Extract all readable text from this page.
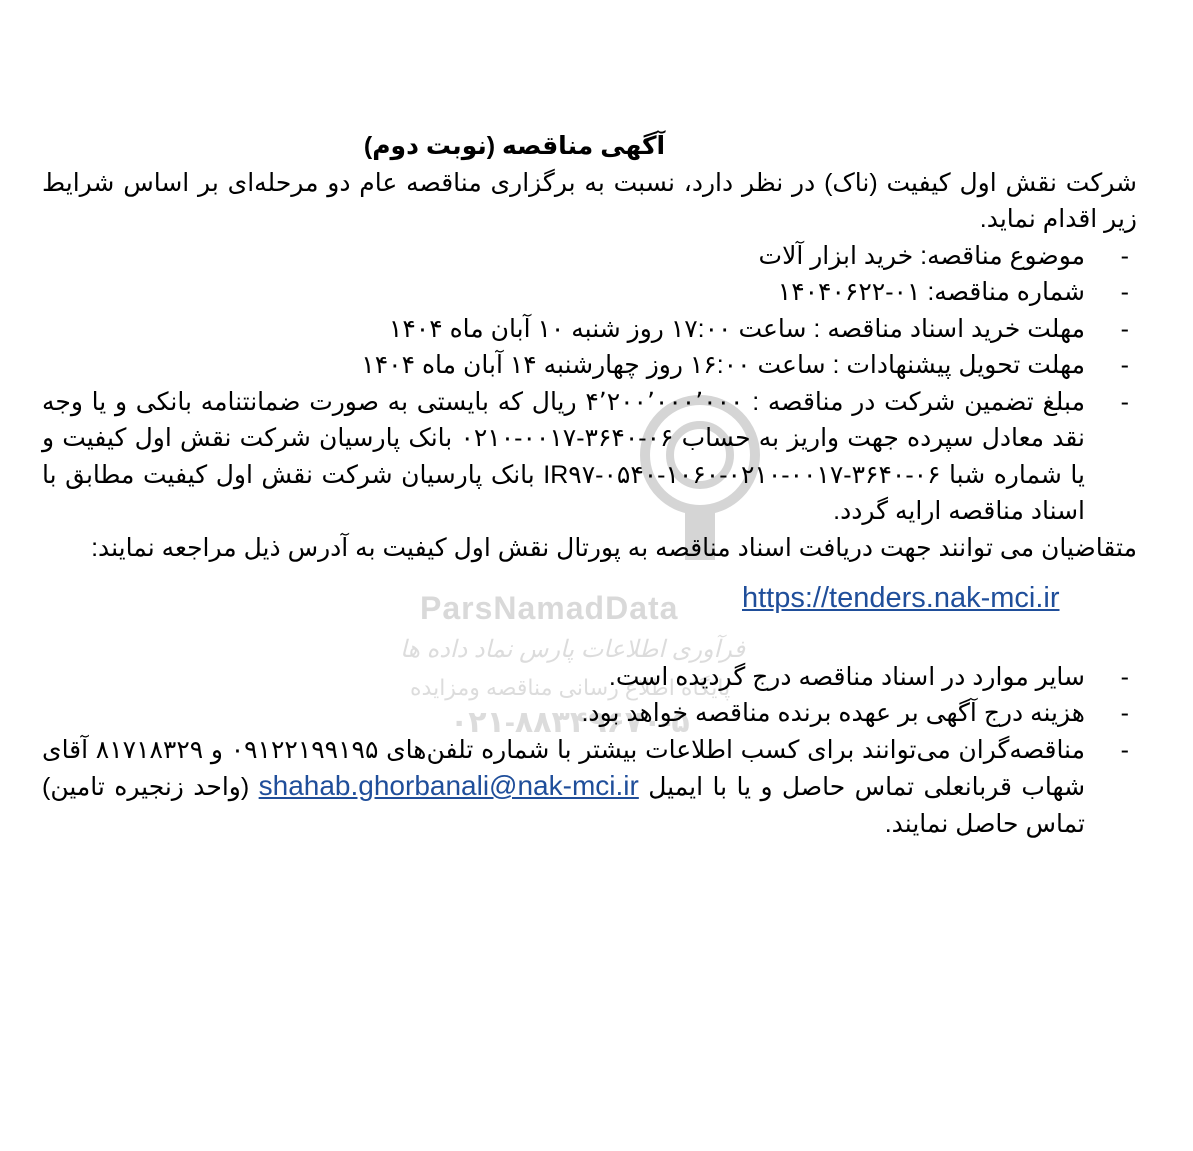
ParsNamadData
فرآوری اطلاعات پارس نماد داده ها
پایگاه اطلاع رسانی مناقصه ومزایده
۰۲۱-۸۸۳۴۹۶۷۰-۵
آگهی مناقصه (نوبت دوم)

شرکت نقش اول کیفیت (ناک) در نظر دارد، نسبت به برگزاری مناقصه عام دو مرحله‌ای بر اساس شرایط زیر اقدام نماید.

-
موضوع مناقصه: خرید ابزار آلات
-
شماره مناقصه: ۰۱-۱۴۰۴۰۶۲۲
-
مهلت خرید اسناد مناقصه : ساعت ۱۷:۰۰ روز شنبه ۱۰ آبان ماه ۱۴۰۴
-
مهلت تحویل پیشنهادات : ساعت ۱۶:۰۰ روز چهارشنبه ۱۴ آبان ماه ۱۴۰۴
-
مبلغ تضمین شرکت در مناقصه : ۴٬۲۰۰٬۰۰۰٬۰۰۰ ریال که بایستی به صورت ضمانتنامه بانکی و یا وجه نقد معادل سپرده جهت واریز به حساب ۰۶-۳۶۴۰-۰۰۱۷-۰۲۱۰ بانک پارسیان شرکت نقش اول کیفیت و یا شماره شبا IR۹۷-۰۵۴۰-۱۰۶۰-۰۲۱۰-۰۰۱۷-۳۶۴۰-۰۶ بانک پارسیان شرکت نقش اول کیفیت مطابق با اسناد مناقصه ارایه گردد.

متقاضیان می توانند جهت دریافت اسناد مناقصه به پورتال نقش اول کیفیت به آدرس ذیل مراجعه نمایند:

https://tenders.nak-mci.ir
-
سایر موارد در اسناد مناقصه درج گردیده است.
-
هزینه درج آگهی بر عهده برنده مناقصه خواهد بود.
-
مناقصه‌گران می‌توانند برای کسب اطلاعات بیشتر با شماره تلفن‌های ۰۹۱۲۲۱۹۹۱۹۵ و ۸۱۷۱۸۳۲۹ آقای شهاب قربانعلی تماس حاصل و یا با ایمیل shahab.ghorbanali@nak-mci.ir (واحد زنجیره تامین) تماس حاصل نمایند.
